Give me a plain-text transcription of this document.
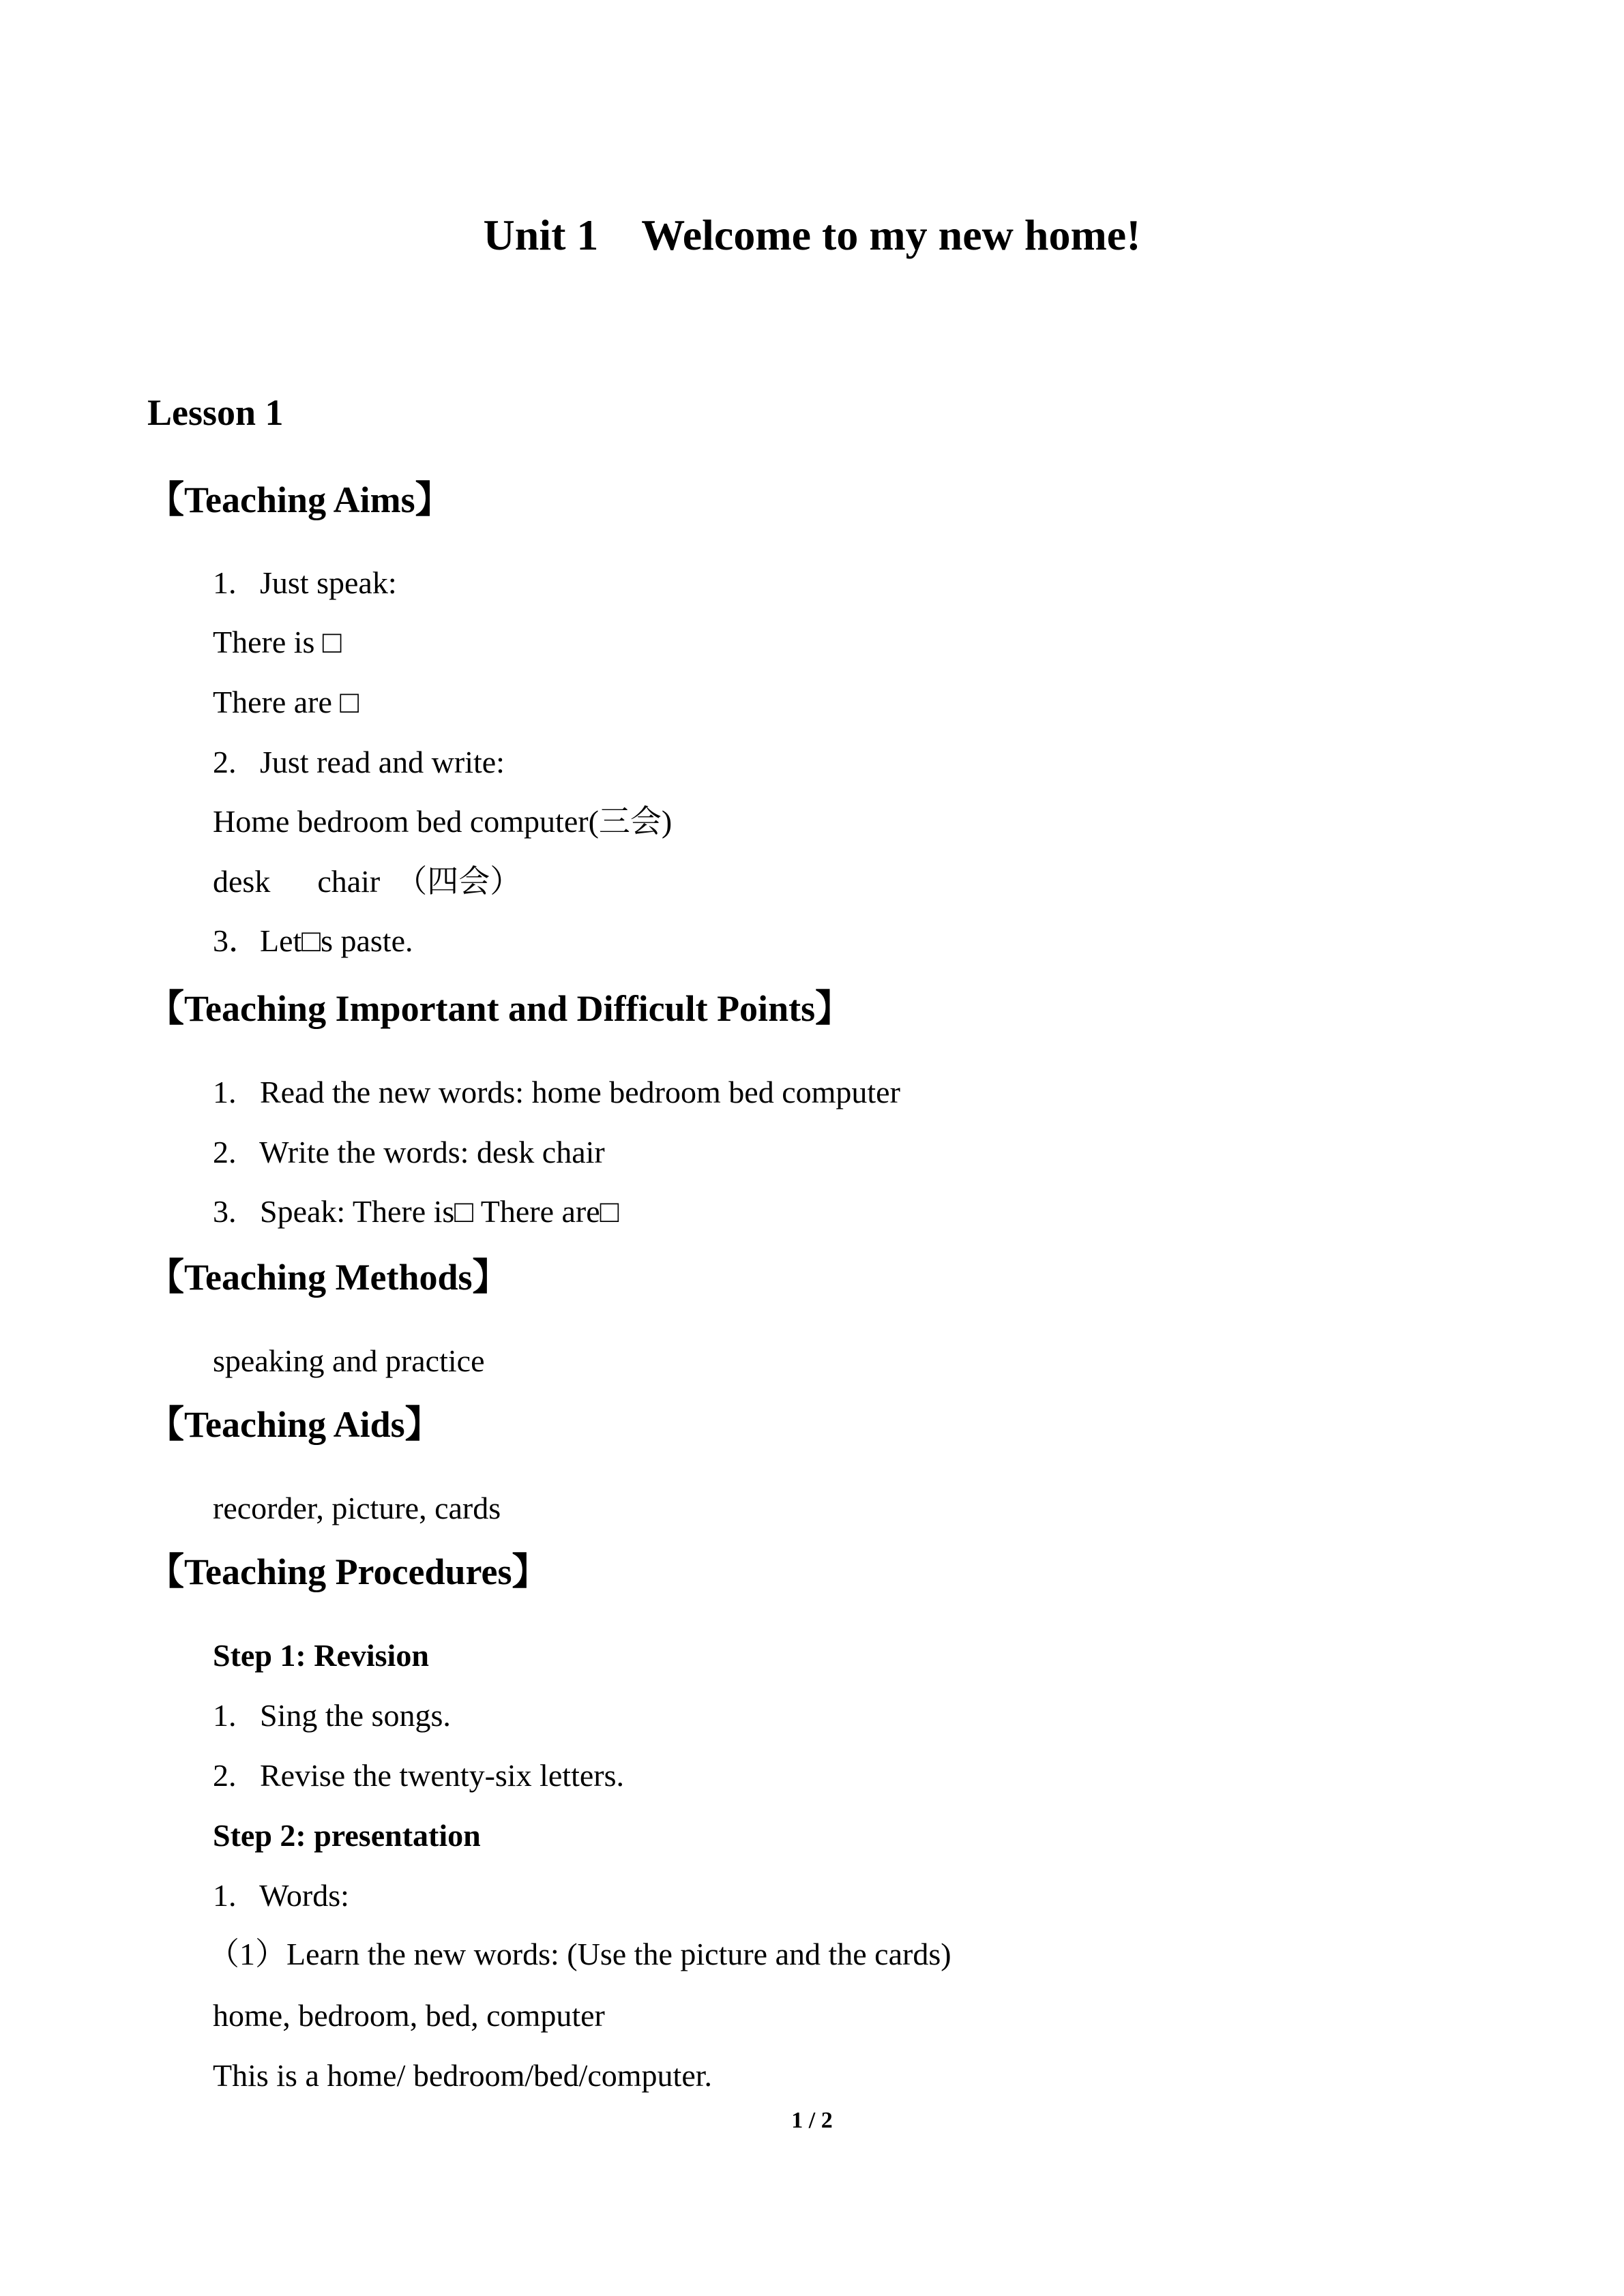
Unit 1    Welcome to my new home!
Lesson 1
【Teaching Aims】
1.   Just speak:
There is □
There are □
2.   Just read and write:
Home bedroom bed computer(三会)
desk      chair  （四会）
3．Let□s paste.
【Teaching Important and Difficult Points】
1.   Read the new words: home bedroom bed computer
2.   Write the words: desk chair
3.   Speak: There is□ There are□
【Teaching Methods】
speaking and practice
【Teaching Aids】
recorder, picture, cards
【Teaching Procedures】
Step 1: Revision
1.   Sing the songs.
2.   Revise the twenty-six letters.
Step 2: presentation
1.   Words:
（1）Learn the new words: (Use the picture and the cards)
home, bedroom, bed, computer
This is a home/ bedroom/bed/computer.
1 / 2
